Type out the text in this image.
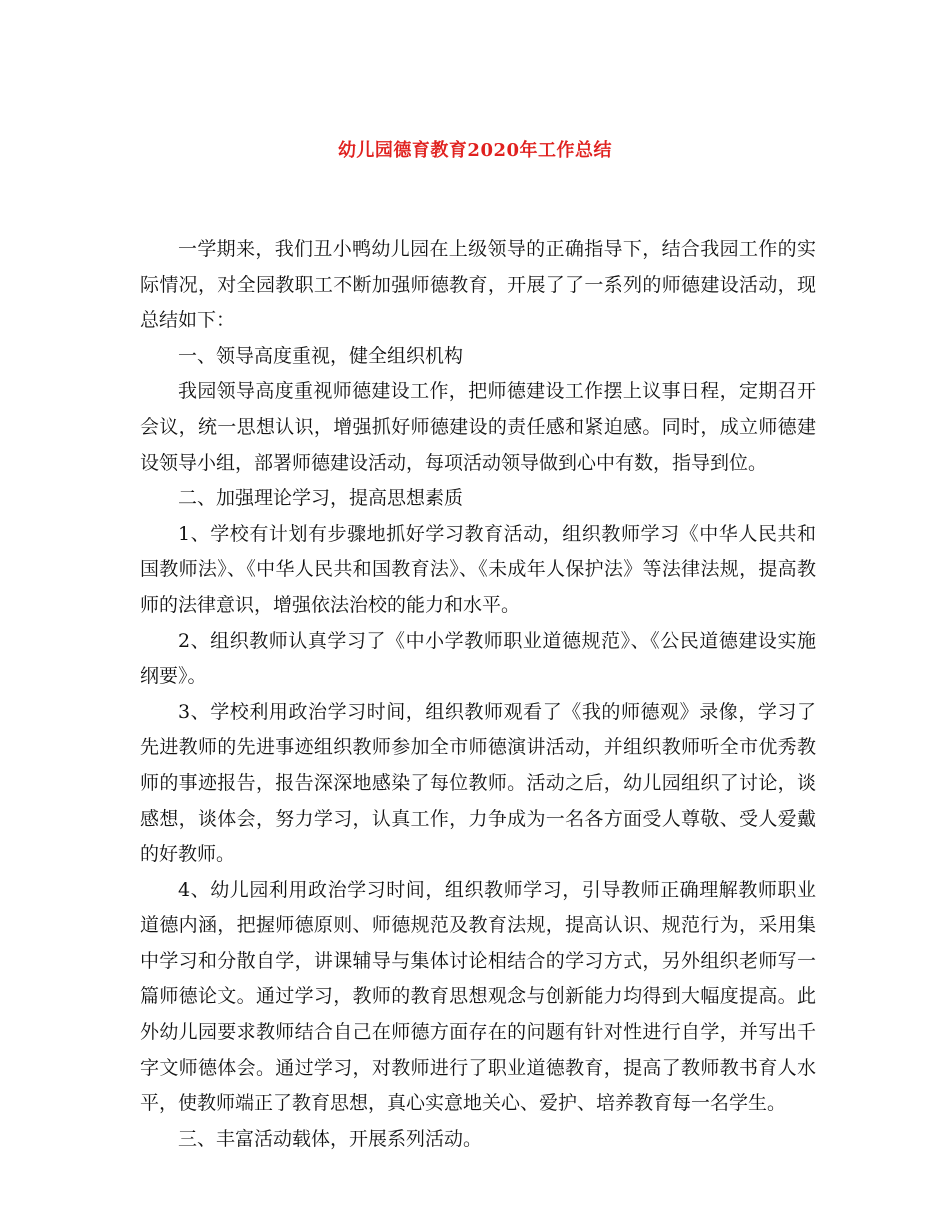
幼儿园德育教育2020年工作总结

一学期来，我们丑小鸭幼儿园在上级领导的正确指导下，结合我园工作的实际情况，对全园教职工不断加强师德教育，开展了了一系列的师德建设活动，现总结如下：

一、领导高度重视，健全组织机构

我园领导高度重视师德建设工作，把师德建设工作摆上议事日程，定期召开会议，统一思想认识，增强抓好师德建设的责任感和紧迫感。同时，成立师德建设领导小组，部署师德建设活动，每项活动领导做到心中有数，指导到位。

二、加强理论学习，提高思想素质

1、学校有计划有步骤地抓好学习教育活动，组织教师学习《中华人民共和国教师法》、《中华人民共和国教育法》、《未成年人保护法》等法律法规，提高教师的法律意识，增强依法治校的能力和水平。

2、组织教师认真学习了《中小学教师职业道德规范》、《公民道德建设实施纲要》。

3、学校利用政治学习时间，组织教师观看了《我的师德观》录像，学习了先进教师的先进事迹组织教师参加全市师德演讲活动，并组织教师听全市优秀教师的事迹报告，报告深深地感染了每位教师。活动之后，幼儿园组织了讨论，谈感想，谈体会，努力学习，认真工作，力争成为一名各方面受人尊敬、受人爱戴的好教师。

4、幼儿园利用政治学习时间，组织教师学习，引导教师正确理解教师职业道德内涵，把握师德原则、师德规范及教育法规，提高认识、规范行为，采用集中学习和分散自学，讲课辅导与集体讨论相结合的学习方式，另外组织老师写一篇师德论文。通过学习，教师的教育思想观念与创新能力均得到大幅度提高。此外幼儿园要求教师结合自己在师德方面存在的问题有针对性进行自学，并写出千字文师德体会。通过学习，对教师进行了职业道德教育，提高了教师教书育人水平，使教师端正了教育思想，真心实意地关心、爱护、培养教育每一名学生。

三、丰富活动载体，开展系列活动。
